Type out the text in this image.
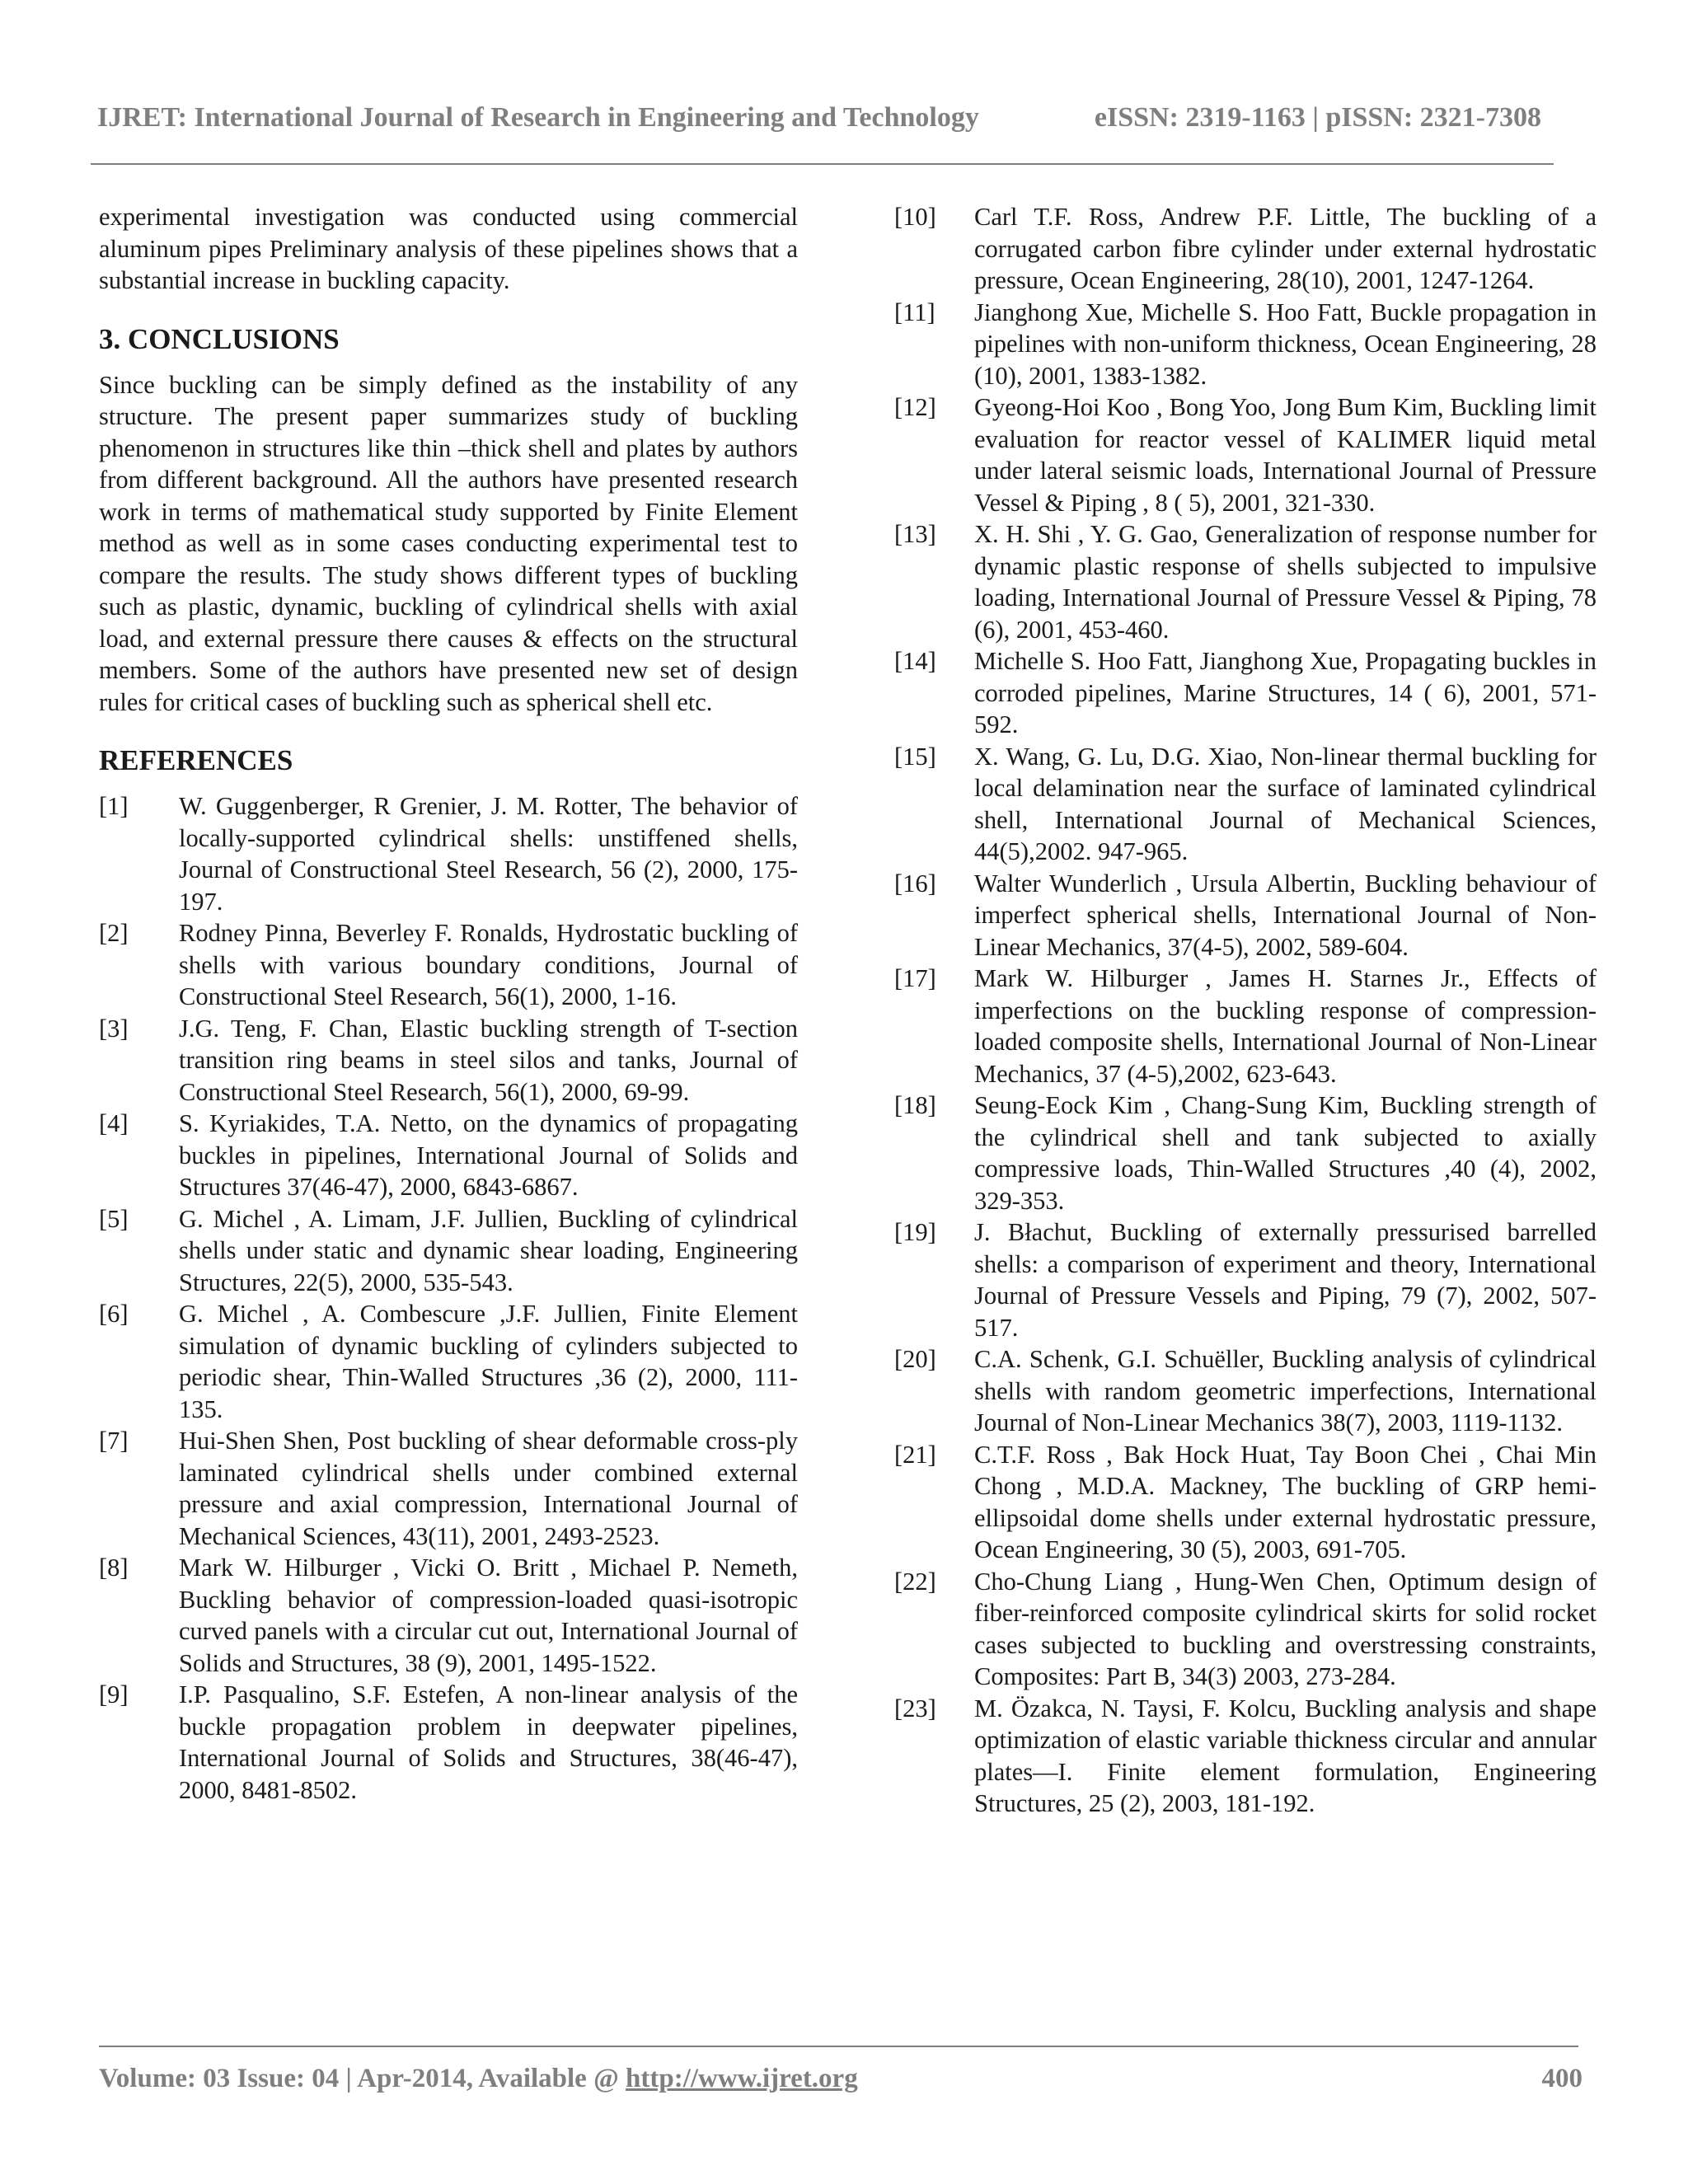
IJRET: International Journal of Research in Engineering and Technology	eISSN: 2319-1163 | pISSN: 2321-7308

experimental investigation was conducted using commercial aluminum pipes Preliminary analysis of these pipelines shows that a substantial increase in buckling capacity.

3. CONCLUSIONS

Since buckling can be simply defined as the instability of any structure. The present paper summarizes study of buckling phenomenon in structures like thin –thick shell and plates by authors from different background. All the authors have presented research work in terms of mathematical study supported by Finite Element method as well as in some cases conducting experimental test to compare the results. The study shows different types of buckling such as plastic, dynamic, buckling of cylindrical shells with axial load, and external pressure there causes & effects on the structural members. Some of the authors have presented new set of design rules for critical cases of buckling such as spherical shell etc.

REFERENCES
[1]	W. Guggenberger, R Grenier, J. M. Rotter, The behavior of locally-supported cylindrical shells: unstiffened shells, Journal of Constructional Steel Research, 56 (2), 2000, 175-197.
[2]	Rodney Pinna, Beverley F. Ronalds, Hydrostatic buckling of shells with various boundary conditions, Journal of Constructional Steel Research, 56(1), 2000, 1-16.
[3]	J.G. Teng, F. Chan, Elastic buckling strength of T-section transition ring beams in steel silos and tanks, Journal of Constructional Steel Research, 56(1), 2000, 69-99.
[4]	S. Kyriakides, T.A. Netto, on the dynamics of propagating buckles in pipelines, International Journal of Solids and Structures 37(46-47), 2000, 6843-6867.
[5]	G. Michel , A. Limam, J.F. Jullien, Buckling of cylindrical shells under static and dynamic shear loading, Engineering Structures, 22(5), 2000, 535-543.
[6]	G. Michel , A. Combescure ,J.F. Jullien, Finite Element simulation of dynamic buckling of cylinders subjected to periodic shear, Thin-Walled Structures ,36 (2), 2000, 111-135.
[7]	Hui-Shen Shen, Post buckling of shear deformable cross-ply laminated cylindrical shells under combined external pressure and axial compression, International Journal of Mechanical Sciences, 43(11), 2001, 2493-2523.
[8]	Mark W. Hilburger , Vicki O. Britt , Michael P. Nemeth, Buckling behavior of compression-loaded quasi-isotropic curved panels with a circular cut out, International Journal of Solids and Structures, 38 (9), 2001, 1495-1522.
[9]	I.P. Pasqualino, S.F. Estefen, A non-linear analysis of the buckle propagation problem in deepwater pipelines, International Journal of Solids and Structures, 38(46-47), 2000, 8481-8502.
[10]	Carl T.F. Ross, Andrew P.F. Little, The buckling of a corrugated carbon fibre cylinder under external hydrostatic pressure, Ocean Engineering, 28(10), 2001, 1247-1264.
[11]	Jianghong Xue, Michelle S. Hoo Fatt, Buckle propagation in pipelines with non-uniform thickness, Ocean Engineering, 28 (10), 2001, 1383-1382.
[12]	Gyeong-Hoi Koo , Bong Yoo, Jong Bum Kim, Buckling limit evaluation for reactor vessel of KALIMER liquid metal under lateral seismic loads, International Journal of Pressure Vessel & Piping , 8 ( 5), 2001, 321-330.
[13]	X. H. Shi , Y. G. Gao, Generalization of response number for dynamic plastic response of shells subjected to impulsive loading, International Journal of Pressure Vessel & Piping, 78 (6), 2001, 453-460.
[14]	Michelle S. Hoo Fatt, Jianghong Xue, Propagating buckles in corroded pipelines, Marine Structures, 14 ( 6), 2001, 571-592.
[15]	X. Wang, G. Lu, D.G. Xiao, Non-linear thermal buckling for local delamination near the surface of laminated cylindrical shell, International Journal of Mechanical Sciences, 44(5),2002. 947-965.
[16]	Walter Wunderlich , Ursula Albertin, Buckling behaviour of imperfect spherical shells, International Journal of Non-Linear Mechanics, 37(4-5), 2002, 589-604.
[17]	Mark W. Hilburger , James H. Starnes Jr., Effects of imperfections on the buckling response of compression-loaded composite shells, International Journal of Non-Linear Mechanics, 37 (4-5),2002, 623-643.
[18]	Seung-Eock Kim , Chang-Sung Kim, Buckling strength of the cylindrical shell and tank subjected to axially compressive loads, Thin-Walled Structures ,40 (4), 2002, 329-353.
[19]	J. Błachut, Buckling of externally pressurised barrelled shells: a comparison of experiment and theory, International Journal of Pressure Vessels and Piping, 79 (7), 2002, 507-517.
[20]	C.A. Schenk, G.I. Schuëller, Buckling analysis of cylindrical shells with random geometric imperfections, International Journal of Non-Linear Mechanics 38(7), 2003, 1119-1132.
[21]	C.T.F. Ross , Bak Hock Huat, Tay Boon Chei , Chai Min Chong , M.D.A. Mackney, The buckling of GRP hemi-ellipsoidal dome shells under external hydrostatic pressure, Ocean Engineering, 30 (5), 2003, 691-705.
[22]	Cho-Chung Liang , Hung-Wen Chen, Optimum design of fiber-reinforced composite cylindrical skirts for solid rocket cases subjected to buckling and overstressing constraints, Composites: Part B, 34(3) 2003, 273-284.
[23]	M. Özakca, N. Taysi, F. Kolcu, Buckling analysis and shape optimization of elastic variable thickness circular and annular plates—I. Finite element formulation, Engineering Structures, 25 (2), 2003, 181-192.
Volume: 03 Issue: 04 | Apr-2014, Available @ http://www.ijret.org	400
